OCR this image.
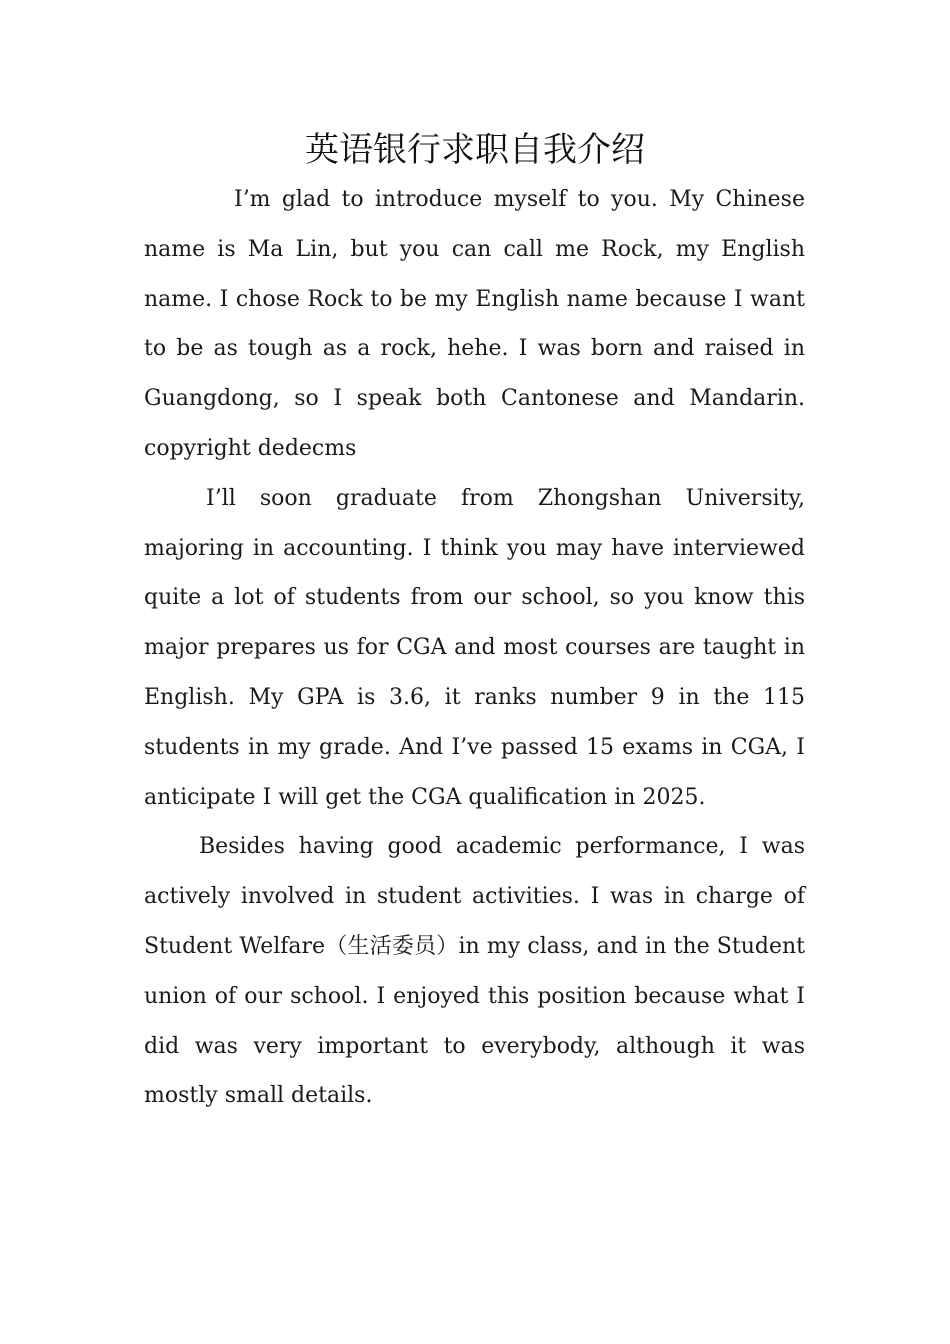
英语银行求职自我介绍

I’m glad to introduce myself to you. My Chinese name is Ma Lin, but you can call me Rock, my English name. I chose Rock to be my English name because I want to be as tough as a rock, hehe. I was born and raised in Guangdong, so I speak both Cantonese and Mandarin. copyright dedecms

I’ll soon graduate from Zhongshan University, majoring in accounting. I think you may have interviewed quite a lot of students from our school, so you know this major prepares us for CGA and most courses are taught in English. My GPA is 3.6, it ranks number 9 in the 115 students in my grade. And I’ve passed 15 exams in CGA, I anticipate I will get the CGA qualification in 2025.

Besides having good academic performance, I was actively involved in student activities. I was in charge of Student Welfare（生活委员）in my class, and in the Student union of our school. I enjoyed this position because what I did was very important to everybody, although it was mostly small details.
